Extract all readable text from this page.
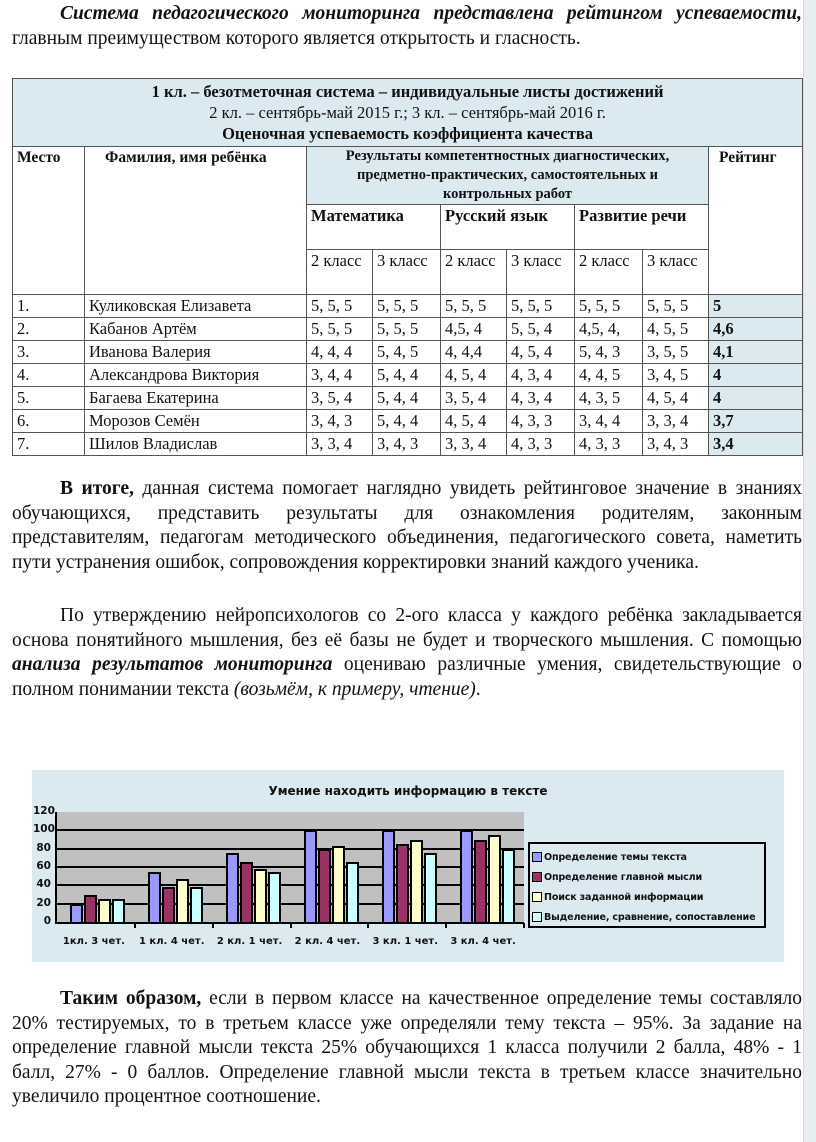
Система педагогического мониторинга представлена рейтингом успеваемости, главным преимуществом которого является открытость и гласность.

1 кл. – безотметочная система – индивидуальные листы достижений
2 кл. – сентябрь-май 2015 г.; 3 кл. – сентябрь-май 2016 г.
Оценочная успеваемость коэффициента качества								

Место	Фамилия, имя ребёнка	Результаты компетентностных диагностических, предметно-практических, самостоятельных и контрольных работ						Рейтинг
		Математика		Русский язык		Развитие речи		
		2 класс	3 класс	2 класс	3 класс	2 класс	3 класс	
1.	Куликовская Елизавета	5, 5, 5	5, 5, 5	5, 5, 5	5, 5, 5	5, 5, 5	5, 5, 5	5
2.	Кабанов Артём	5, 5, 5	5, 5, 5	4,5, 4	5, 5, 4	4,5, 4,	4, 5, 5	4,6
3.	Иванова Валерия	4, 4, 4	5, 4, 5	4, 4,4	4, 5, 4	5, 4, 3	3, 5, 5	4,1
4.	Александрова Виктория	3, 4, 4	5, 4, 4	4, 5, 4	4, 3, 4	4, 4, 5	3, 4, 5	4
5.	Багаева Екатерина	3, 5, 4	5, 4, 4	3, 5, 4	4, 3, 4	4, 3, 5	4, 5, 4	4
6.	Морозов Семён	3, 4, 3	5, 4, 4	4, 5, 4	4, 3, 3	3, 4, 4	3, 3, 4	3,7
7.	Шилов Владислав	3, 3, 4	3, 4, 3	3, 3, 4	4, 3, 3	4, 3, 3	3, 4, 3	3,4

В итоге, данная система помогает наглядно увидеть рейтинговое значение в знаниях обучающихся, представить результаты для ознакомления родителям, законным представителям, педагогам методического объединения, педагогического совета, наметить пути устранения ошибок, сопровождения корректировки знаний каждого ученика.

По утверждению нейропсихологов со 2-ого класса у каждого ребёнка закладывается основа понятийного мышления, без её базы не будет и творческого мышления. С помощью анализа результатов мониторинга оцениваю различные умения, свидетельствующие о полном понимании текста (возьмём, к примеру, чтение).

Умение находить информацию в тексте
120
100
80
60
40
20
0
1кл. 3 чет.	1 кл. 4 чет.	2 кл. 1 чет.	2 кл. 4 чет.	3 кл. 1 чет.	3 кл. 4 чет.
Определение темы текста
Определение главной мысли
Поиск заданной информации
Выделение, сравнение, сопоставление

Таким образом, если в первом классе на качественное определение темы составляло 20% тестируемых, то в третьем классе уже определяли тему текста – 95%. За задание на определение главной мысли текста 25% обучающихся 1 класса получили 2 балла, 48% - 1 балл, 27% - 0 баллов. Определение главной мысли текста в третьем классе значительно увеличило процентное соотношение.
